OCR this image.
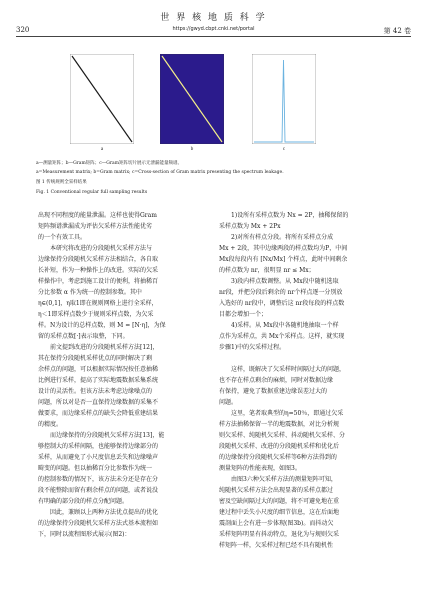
世 界 核 地 质 科 学
320	https://gwyd.cbpt.cnki.net/portal	第 42 卷
a	b	c
a—测量矩阵；b—Gram矩阵；c—Gram矩阵切片展示无泄漏能量频谱。
a=Measurement matrix; b=Gram matrix; c=Cross-section of Gram matrix presenting the spectrum leakage.
图 1 传统规则全采样结果
Fig. 1 Conventional regular full sampling results
出现不同程度的能量泄漏。这样也使得Gram
矩阵频谱泄漏成为评估欠采样方法性能优劣
的一个有效工具。
本研究将改进的分段随机欠采样方法与
边缘保持分段随机欠采样方法相结合，各自取
长补短，作为一种操作上的改进。实际的欠采
样操作中，考虑到施工设计的便利，将抽稀百
分比参数 α 作为统一的控制参数。其中
η∈(0,1]，η取1即在规则网格上进行全采样，
η＜1即采样点数少于规则采样点数，为欠采
样。N为设计的总样点数，则 M = [N·η]，为保
留的采样点数[·]表示取整，下同。
前文提到改进的分段随机采样方法[12]，
其在保持分段随机采样优点的同时解决了剩
余样点的问题，可以根据实际情况按任意抽稀
比例进行采样，提高了实际地震数据采集系统
设计的灵活性。但该方法未考虑边缘噪点的
问题，所以对是否一直保持边缘数据的采集不
做要求，而边缘采样点的缺失会降低重建结果
的精度。
而边缘保持的分段随机欠采样方法[13]，能
够控制大的采样间隔，也能够保持边缘部分的
采样，从而避免了小尺度信息丢失和边缘噪声
畸变的问题。但以抽稀百分比参数作为统一
的控制参数的情况下，该方法未分还是存在分
段不能整除而留有剩余样点的问题，或者说没
有明确的部分段的样点分配问题。
因此，兼顾以上两种方法优点提出的优化
的边缘保持分段随机欠采样方法式基本流程如
下，同时以流程图形式展示(图2)：
1)设所有采样点数为 Nx = 2P，抽稀保留的
采样点数为 Mx + 2Px
2)对所有样点分段。将所有采样点分成
Mx + 2段，其中边缘两段的样点数均为P，中间
Mx段每段内有 [Nx/Mx] 个样点，此时中间剩余
的样点数为 nr，很明显 nr ≤ Mx；
3)段内样点数调整。从 Mx段中随机选取
nr段，并把分段后剩余的 nr个样点逐一分别放
入选好的 nr段中，调整后这 nr段每段的样点数
目都会增加一个；
4)采样。从 Mx段中各随机地抽取一个样
点作为采样点，共 Mx个采样点。这样，就实现
步骤1)中的欠采样过程。
这样，既解决了欠采样时间隔过大的问题，
也不存在样点剩余的麻烦，同时对数据边缘
有保持，避免了数据重建边缘误差过大的
问题。
这里，笔者取典型的η=50％，即通过欠采
样方法抽稀保留一半的地震数据，对比分析规
则欠采样、纯随机欠采样、抖动随机欠采样、分
段随机欠采样、改进的分段随机采样和优化后
的边缘保持分段随机欠采样等6种方法得到的
测量矩阵的性能表现，如图3。
由图3六种欠采样方法的测量矩阵可知，
纯随机欠采样方法会出现显著的采样点都过
密及空缺间隔过大的问题，将不可避免地在重
建过程中丢失小尺度的细节信息，这在后面地
震剖面上会有进一步体现(图3b)。而抖动欠
采样矩阵明显有抖动特点，退化为与规则欠采
样矩阵一样，欠采样过程已经不具有随机性
